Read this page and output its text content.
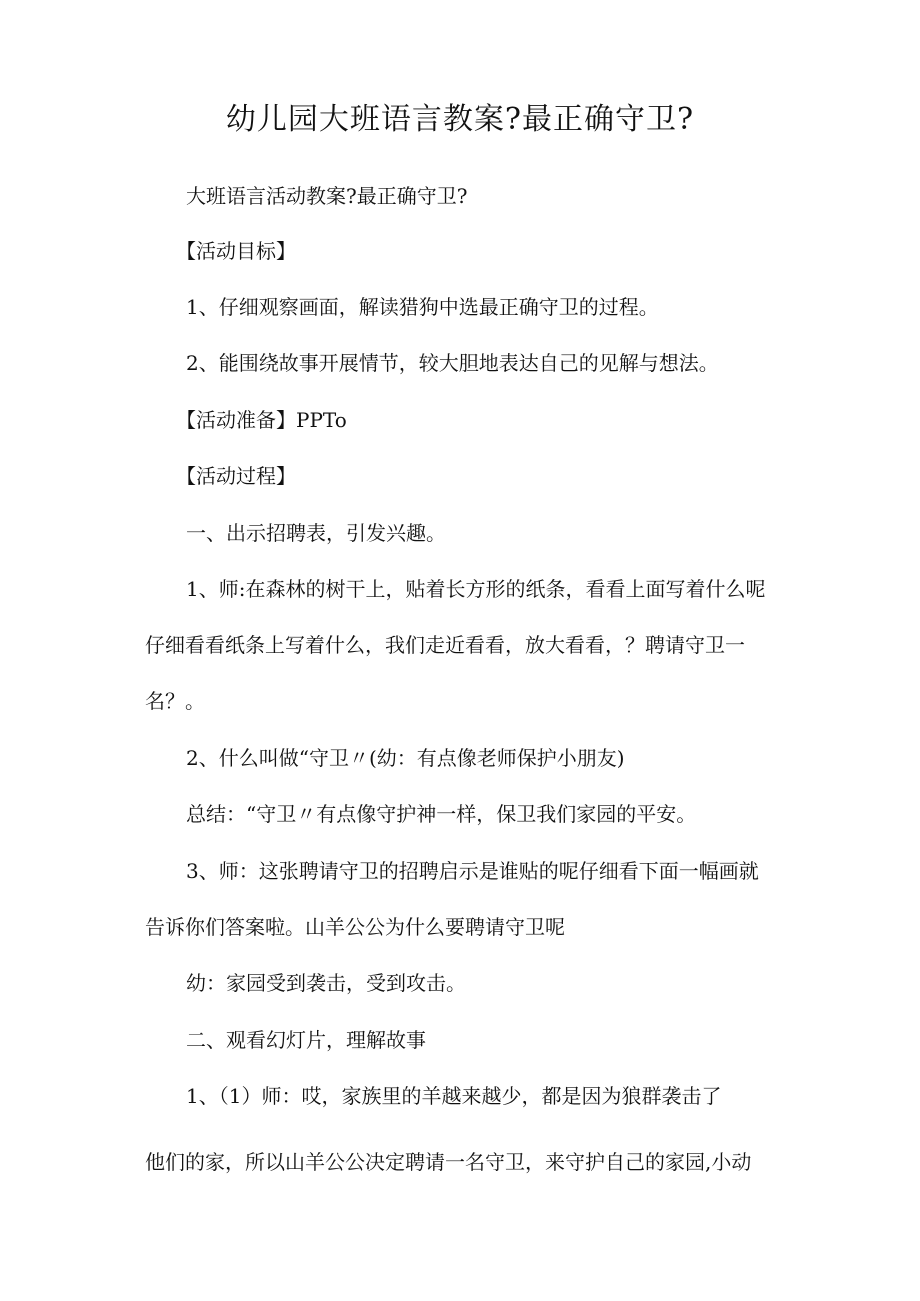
幼儿园大班语言教案?最正确守卫?
大班语言活动教案?最正确守卫?
【活动目标】
1、仔细观察画面，解读猎狗中选最正确守卫的过程。
2、能围绕故事开展情节，较大胆地表达自己的见解与想法。
【活动准备】PPTo
【活动过程】
一、出示招聘表，引发兴趣。
1、师:在森林的树干上，贴着长方形的纸条，看看上面写着什么呢
仔细看看纸条上写着什么，我们走近看看，放大看看，？聘请守卫一
名？。
2、什么叫做“守卫〃(幼：有点像老师保护小朋友)
总结：“守卫〃有点像守护神一样，保卫我们家园的平安。
3、师：这张聘请守卫的招聘启示是谁贴的呢仔细看下面一幅画就
告诉你们答案啦。山羊公公为什么要聘请守卫呢
幼：家园受到袭击，受到攻击。
二、观看幻灯片，理解故事
1、（1）师：哎，家族里的羊越来越少，都是因为狼群袭击了
他们的家，所以山羊公公决定聘请一名守卫，来守护自己的家园,小动
